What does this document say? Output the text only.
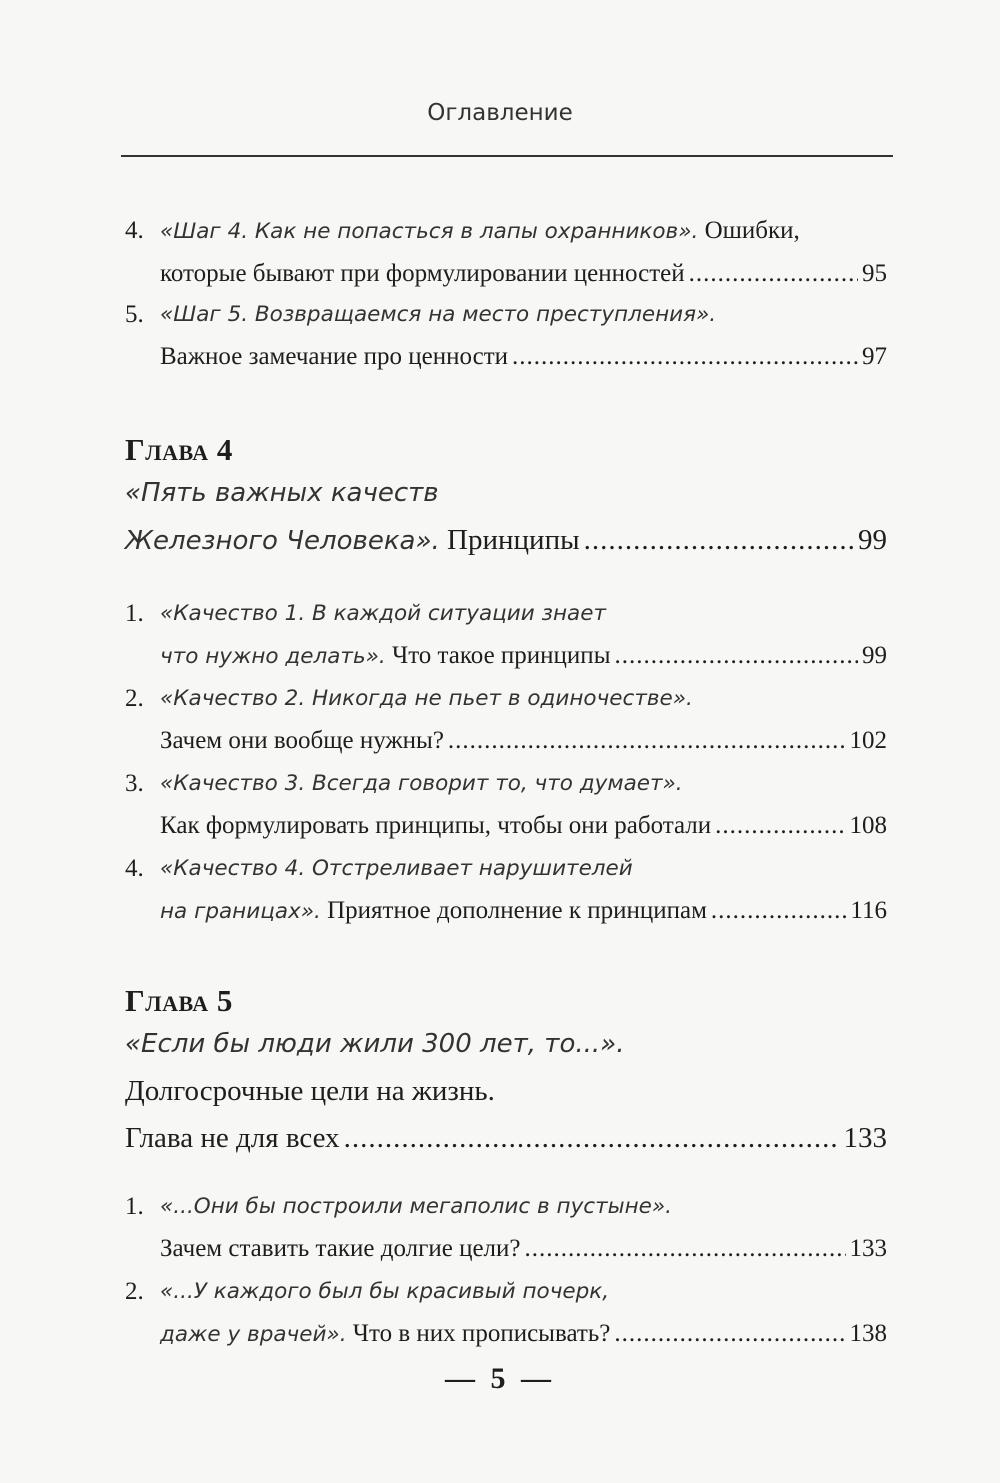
Оглавление
4. «Шаг 4. Как не попасться в лапы охранников».
Ошибки,
которые бывают при формулировании ценностей .....	95
5. «Шаг 5. Возвращаемся на место преступления».
Важное замечание про ценности .....	97
Глава 4
«Пять важных качеств
Железного Человека». Принципы .....	99
1. «Качество 1. В каждой ситуации знает
что нужно делать». Что такое принципы .....	99
2. «Качество 2. Никогда не пьет в одиночестве».
Зачем они вообще нужны? .....	102
3. «Качество 3. Всегда говорит то, что думает».
Как формулировать принципы, чтобы они работали .....	108
4. «Качество 4. Отстреливает нарушителей
на границах». Приятное дополнение к принципам .....	116
Глава 5
«Если бы люди жили 300 лет, то...».
Долгосрочные цели на жизнь.
Глава не для всех .....	133
1. «...Они бы построили мегаполис в пустыне».
Зачем ставить такие долгие цели? .....	133
2. «...У каждого был бы красивый почерк,
даже у врачей». Что в них прописывать? .....	138
— 5 —
